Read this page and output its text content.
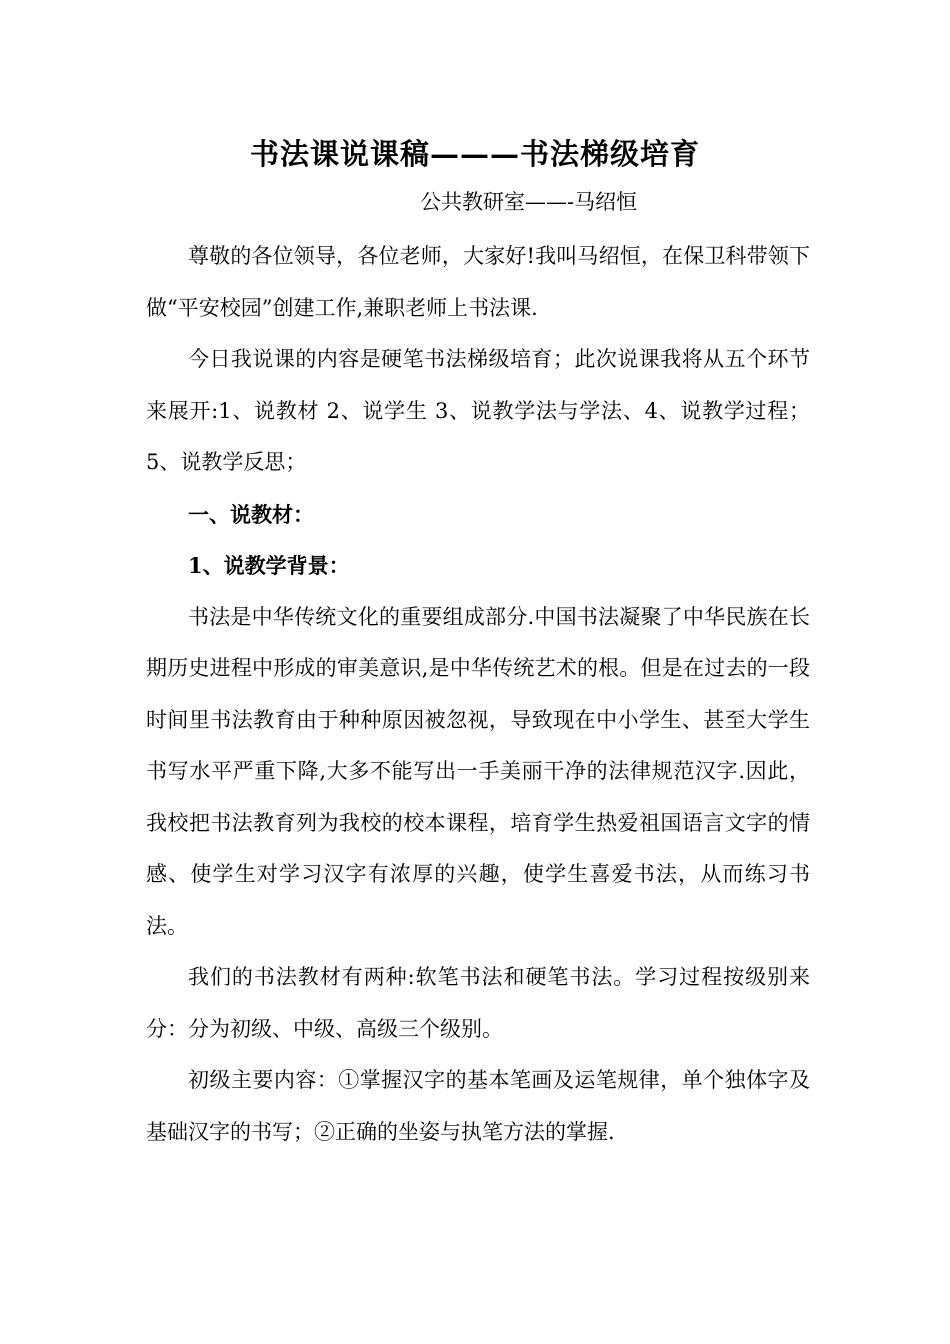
书法课说课稿———书法梯级培育
公共教研室——-马绍恒

尊敬的各位领导，各位老师，大家好!我叫马绍恒，在保卫科带领下做“平安校园”创建工作,兼职老师上书法课.

今日我说课的内容是硬笔书法梯级培育；此次说课我将从五个环节来展开:1、说教材 2、说学生 3、说教学法与学法、4、说教学过程；5、说教学反思；

一、说教材：

1、说教学背景：

书法是中华传统文化的重要组成部分.中国书法凝聚了中华民族在长期历史进程中形成的审美意识,是中华传统艺术的根。但是在过去的一段时间里书法教育由于种种原因被忽视，导致现在中小学生、甚至大学生书写水平严重下降,大多不能写出一手美丽干净的法律规范汉字.因此，我校把书法教育列为我校的校本课程，培育学生热爱祖国语言文字的情感、使学生对学习汉字有浓厚的兴趣，使学生喜爱书法，从而练习书法。

我们的书法教材有两种:软笔书法和硬笔书法。学习过程按级别来分：分为初级、中级、高级三个级别。

初级主要内容：①掌握汉字的基本笔画及运笔规律，单个独体字及基础汉字的书写；②正确的坐姿与执笔方法的掌握.
